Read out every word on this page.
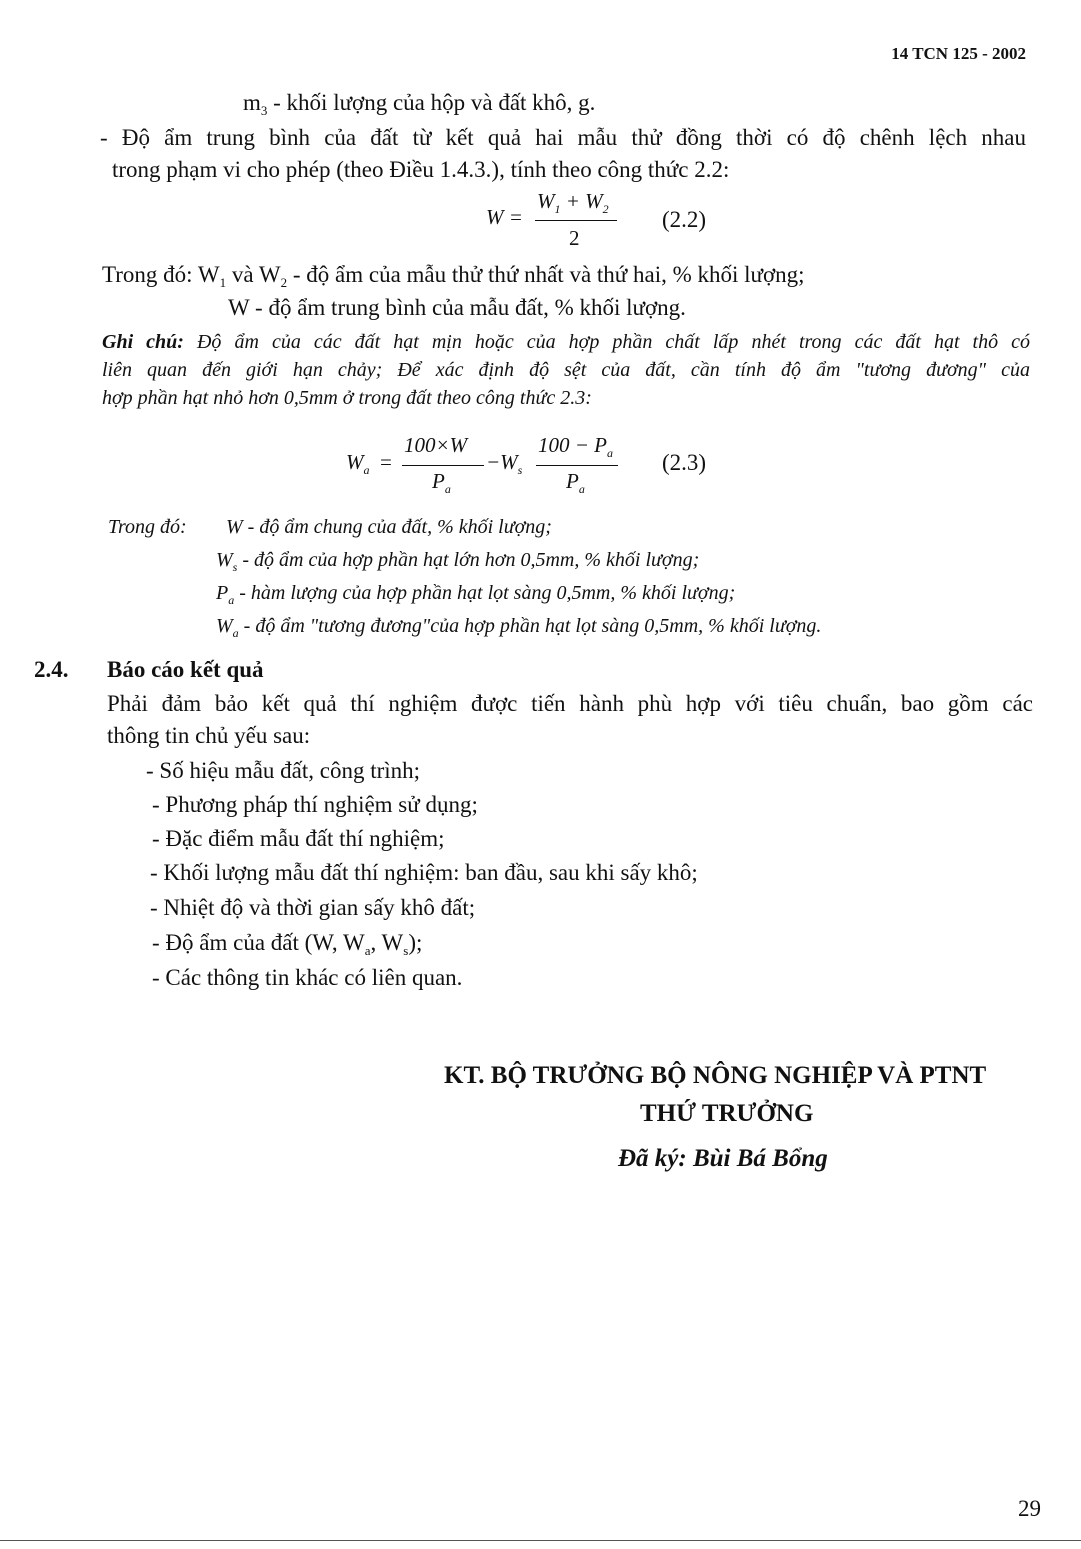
14 TCN 125 - 2002
$m_3$ - khối lượng của hộp và đất khô, g.
- Độ ẩm trung bình của đất từ kết quả hai mẫu thử đồng thời có độ chênh lệch nhau
trong phạm vi cho phép (theo Điều 1.4.3.), tính theo công thức 2.2:
W =
$W_1 + W_2$
2
(2.2)
Trong đó: $W_1$ và $W_2$ - độ ẩm của mẫu thử thứ nhất và thứ hai, % khối lượng;
W - độ ẩm trung bình của mẫu đất, % khối lượng.
Ghi chú: Độ ẩm của các đất hạt mịn hoặc của hợp phần chất lấp nhét trong các đất hạt thô có
liên quan đến giới hạn chảy; Để xác định độ sệt của đất, cần tính độ ẩm "tương đương" của
hợp phần hạt nhỏ hơn 0,5mm ở trong đất theo công thức 2.3:
$W_a$ =
100×W
$P_a$
$-W_s$
$100 - P_a$
$P_a$
(2.3)
Trong đó: W - độ ẩm chung của đất, % khối lượng;
$W_s$ - độ ẩm của hợp phần hạt lớn hơn 0,5mm, % khối lượng;
$P_a$ - hàm lượng của hợp phần hạt lọt sàng 0,5mm, % khối lượng;
$W_a$ - độ ẩm "tương đương"của hợp phần hạt lọt sàng 0,5mm, % khối lượng.
2.4. Báo cáo kết quả
Phải đảm bảo kết quả thí nghiệm được tiến hành phù hợp với tiêu chuẩn, bao gồm các
thông tin chủ yếu sau:
- Số hiệu mẫu đất, công trình;
- Phương pháp thí nghiệm sử dụng;
- Đặc điểm mẫu đất thí nghiệm;
- Khối lượng mẫu đất thí nghiệm: ban đầu, sau khi sấy khô;
- Nhiệt độ và thời gian sấy khô đất;
- Độ ẩm của đất (W, $W_a$, $W_s$);
- Các thông tin khác có liên quan.
KT. BỘ TRƯỞNG BỘ NÔNG NGHIỆP VÀ PTNT
THỨ TRƯỞNG
Đã ký: Bùi Bá Bổng
29
